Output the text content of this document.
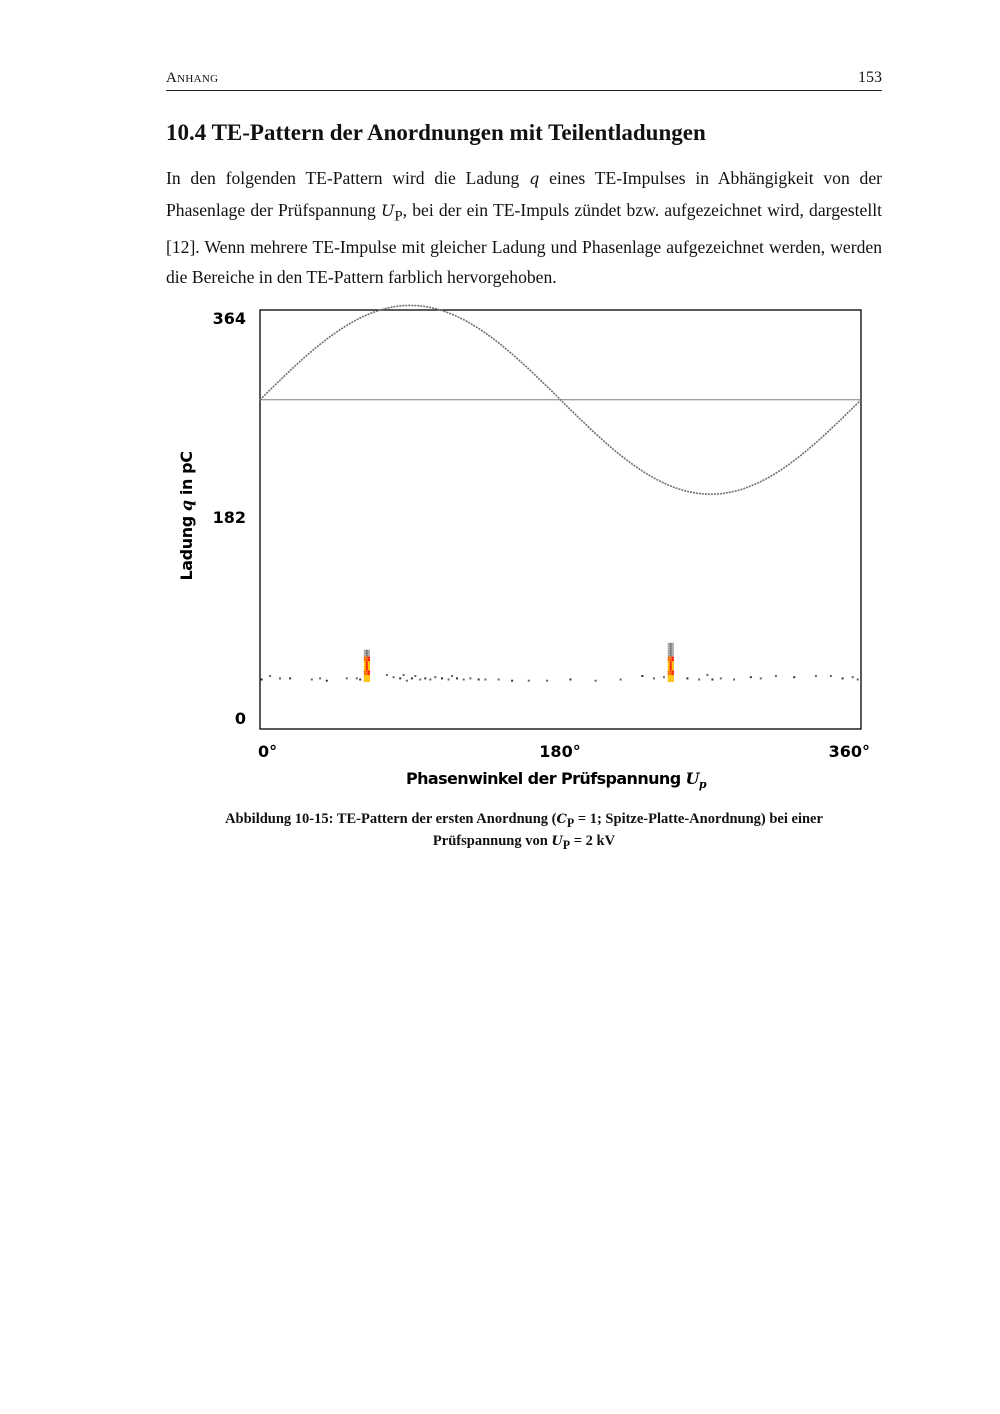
Anhang	153
10.4 TE-Pattern der Anordnungen mit Teilentladungen

In den folgenden TE-Pattern wird die Ladung q eines TE-Impulses in Abhängigkeit von der Phasenlage der Prüfspannung $U_P$, bei der ein TE-Impuls zündet bzw. aufgezeichnet wird, dargestellt [12]. Wenn mehrere TE-Impulse mit gleicher Ladung und Phasenlage aufgezeichnet werden, werden die Bereiche in den TE-Pattern farblich hervorgehoben.

364
182
0
0°	180°	360°
Phasenwinkel der Prüfspannung $U_p$
Ladung q in pC
Abbildung 10-15: TE-Pattern der ersten Anordnung ($C_P = 1$; Spitze-Platte-Anordnung) bei einer
Prüfspannung von $U_P = 2$ kV
